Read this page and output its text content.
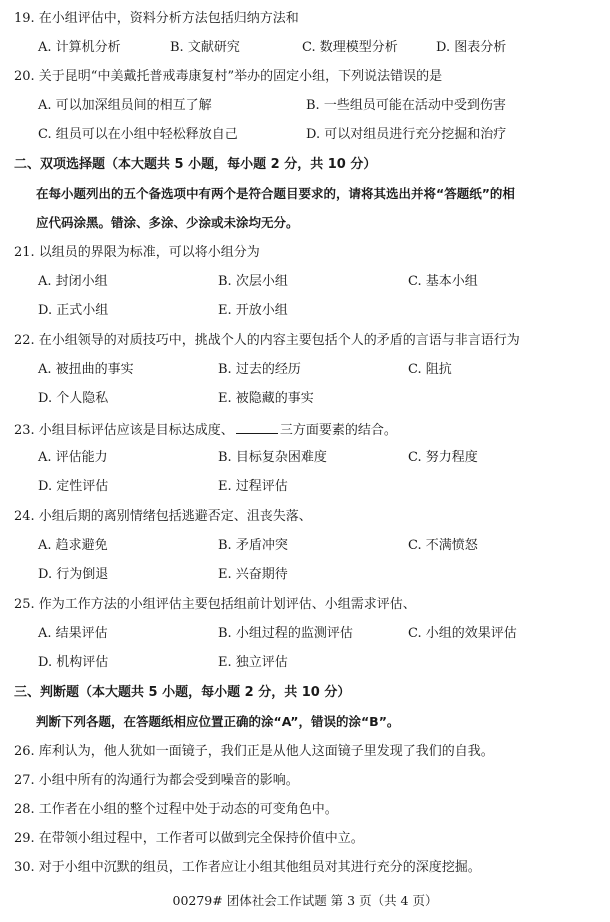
19. 在小组评估中，资料分析方法包括归纳方法和
A. 计算机分析	B. 文献研究	C. 数理模型分析	D. 图表分析
20. 关于昆明“中美戴托普戒毒康复村”举办的固定小组，下列说法错误的是
A. 可以加深组员间的相互了解	B. 一些组员可能在活动中受到伤害
C. 组员可以在小组中轻松释放自己	D. 可以对组员进行充分挖掘和治疗
二、双项选择题（本大题共 5 小题，每小题 2 分，共 10 分）
在每小题列出的五个备选项中有两个是符合题目要求的，请将其选出并将“答题纸”的相
应代码涂黑。错涂、多涂、少涂或未涂均无分。
21. 以组员的界限为标准，可以将小组分为
A. 封闭小组	B. 次层小组	C. 基本小组
D. 正式小组	E. 开放小组
22. 在小组领导的对质技巧中，挑战个人的内容主要包括个人的矛盾的言语与非言语行为
A. 被扭曲的事实	B. 过去的经历	C. 阻抗
D. 个人隐私	E. 被隐藏的事实
23. 小组目标评估应该是目标达成度、	三方面要素的结合。
A. 评估能力	B. 目标复杂困难度	C. 努力程度
D. 定性评估	E. 过程评估
24. 小组后期的离别情绪包括逃避否定、沮丧失落、
A. 趋求避免	B. 矛盾冲突	C. 不满愤怒
D. 行为倒退	E. 兴奋期待
25. 作为工作方法的小组评估主要包括组前计划评估、小组需求评估、
A. 结果评估	B. 小组过程的监测评估	C. 小组的效果评估
D. 机构评估	E. 独立评估
三、判断题（本大题共 5 小题，每小题 2 分，共 10 分）
判断下列各题，在答题纸相应位置正确的涂“A”，错误的涂“B”。
26. 库利认为，他人犹如一面镜子，我们正是从他人这面镜子里发现了我们的自我。
27. 小组中所有的沟通行为都会受到噪音的影响。
28. 工作者在小组的整个过程中处于动态的可变角色中。
29. 在带领小组过程中，工作者可以做到完全保持价值中立。
30. 对于小组中沉默的组员，工作者应让小组其他组员对其进行充分的深度挖掘。
00279# 团体社会工作试题 第 3 页（共 4 页）
